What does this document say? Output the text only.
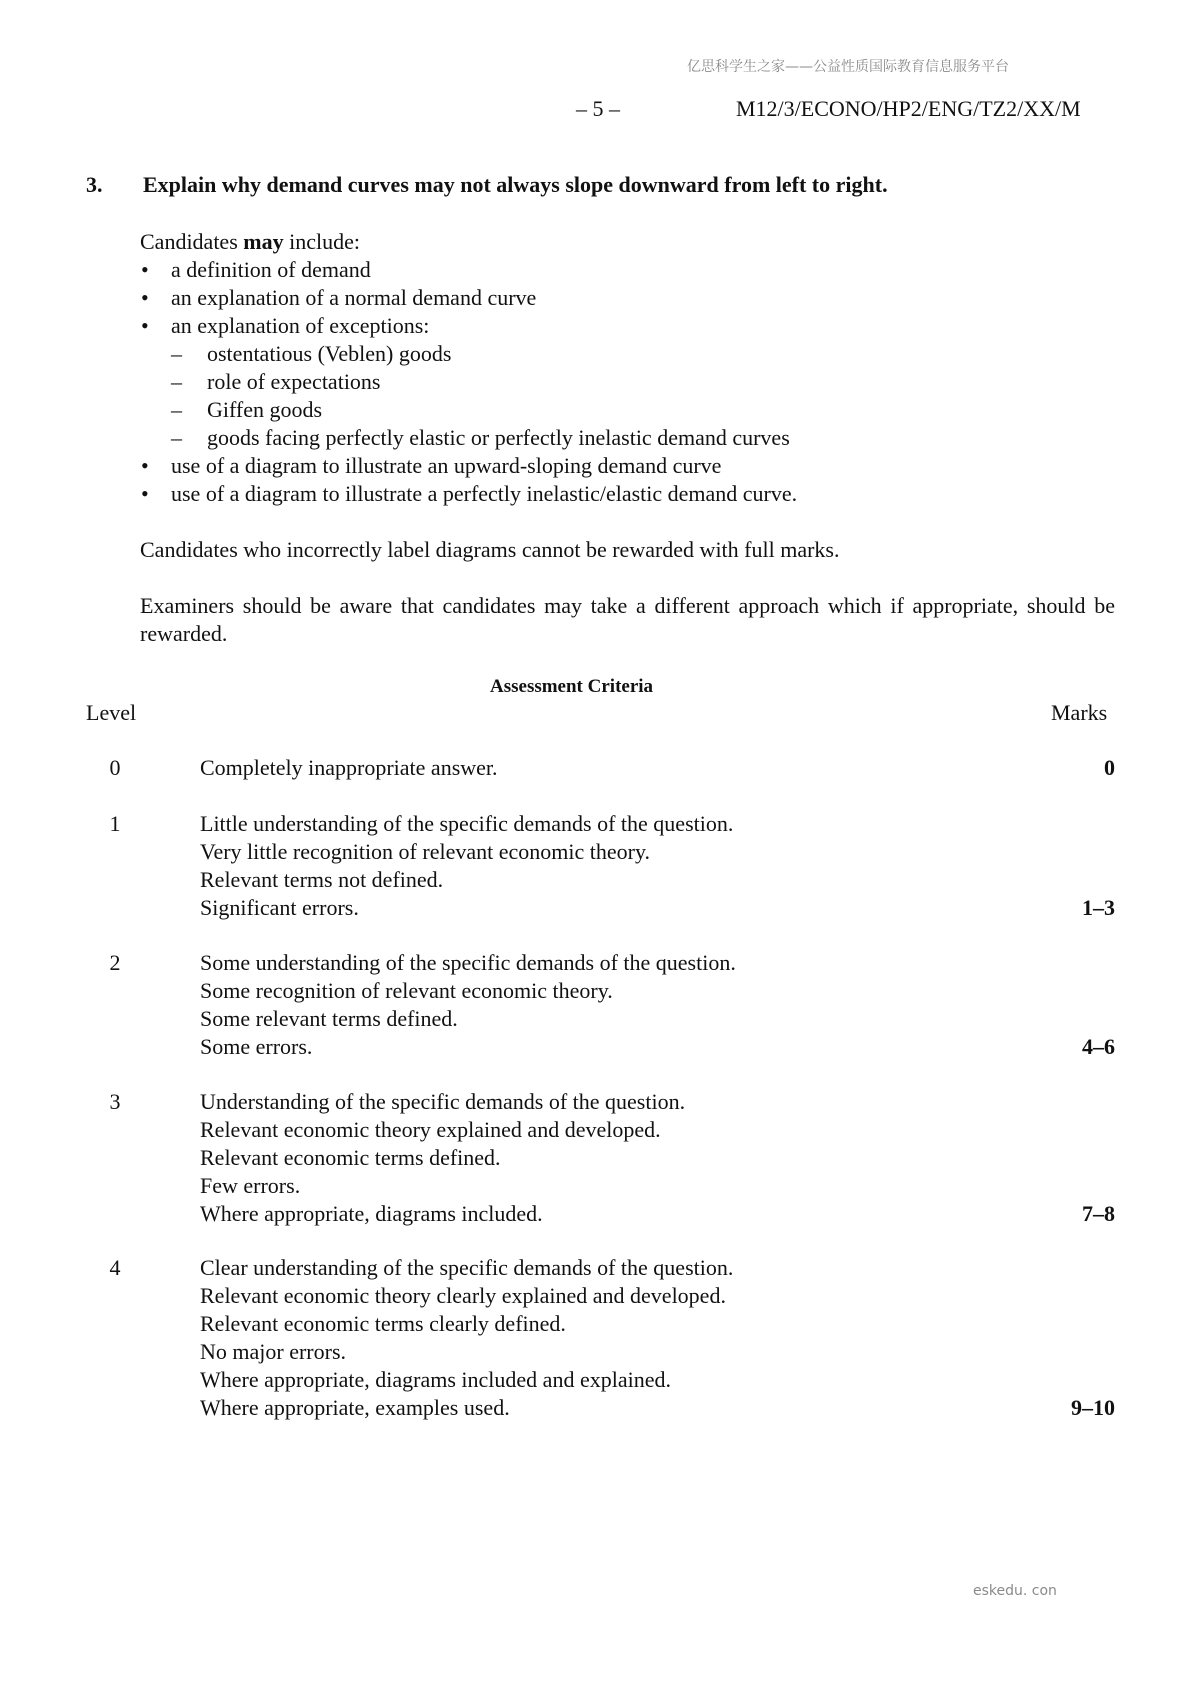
亿思科学生之家——公益性质国际教育信息服务平台
– 5 –	M12/3/ECONO/HP2/ENG/TZ2/XX/M
3. Explain why demand curves may not always slope downward from left to right.
Candidates may include:
• a definition of demand
• an explanation of a normal demand curve
• an explanation of exceptions:
– ostentatious (Veblen) goods
– role of expectations
– Giffen goods
– goods facing perfectly elastic or perfectly inelastic demand curves
• use of a diagram to illustrate an upward-sloping demand curve
• use of a diagram to illustrate a perfectly inelastic/elastic demand curve.
Candidates who incorrectly label diagrams cannot be rewarded with full marks.
Examiners should be aware that candidates may take a different approach which if appropriate, should be rewarded.
Assessment Criteria
Level	Marks
0	Completely inappropriate answer.	0
1	Little understanding of the specific demands of the question.
Very little recognition of relevant economic theory.
Relevant terms not defined.
Significant errors.	1–3
2	Some understanding of the specific demands of the question.
Some recognition of relevant economic theory.
Some relevant terms defined.
Some errors.	4–6
3	Understanding of the specific demands of the question.
Relevant economic theory explained and developed.
Relevant economic terms defined.
Few errors.
Where appropriate, diagrams included.	7–8
4	Clear understanding of the specific demands of the question.
Relevant economic theory clearly explained and developed.
Relevant economic terms clearly defined.
No major errors.
Where appropriate, diagrams included and explained.
Where appropriate, examples used.	9–10
eskedu. con
